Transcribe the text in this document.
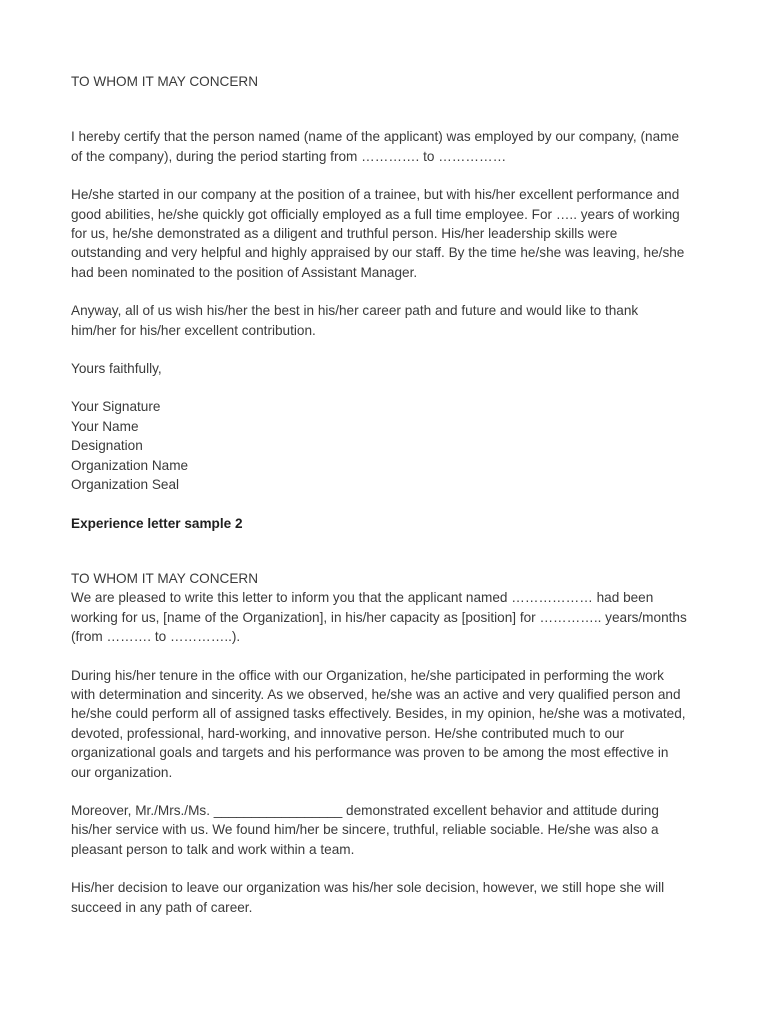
TO WHOM IT MAY CONCERN

I hereby certify that the person named (name of the applicant) was employed by our company, (name
of the company), during the period starting from …………. to ……………

He/she started in our company at the position of a trainee, but with his/her excellent performance and
good abilities, he/she quickly got officially employed as a full time employee. For ….. years of working
for us, he/she demonstrated as a diligent and truthful person. His/her leadership skills were
outstanding and very helpful and highly appraised by our staff. By the time he/she was leaving, he/she
had been nominated to the position of Assistant Manager.

Anyway, all of us wish his/her the best in his/her career path and future and would like to thank
him/her for his/her excellent contribution.

Yours faithfully,

Your Signature
Your Name
Designation
Organization Name
Organization Seal

Experience letter sample 2

TO WHOM IT MAY CONCERN
We are pleased to write this letter to inform you that the applicant named ……………… had been
working for us, [name of the Organization], in his/her capacity as [position] for ………….. years/months
(from ………. to …………..).

During his/her tenure in the office with our Organization, he/she participated in performing the work
with determination and sincerity. As we observed, he/she was an active and very qualified person and
he/she could perform all of assigned tasks effectively. Besides, in my opinion, he/she was a motivated,
devoted, professional, hard-working, and innovative person. He/she contributed much to our
organizational goals and targets and his performance was proven to be among the most effective in
our organization.

Moreover, Mr./Mrs./Ms. _________________ demonstrated excellent behavior and attitude during
his/her service with us. We found him/her be sincere, truthful, reliable sociable. He/she was also a
pleasant person to talk and work within a team.

His/her decision to leave our organization was his/her sole decision, however, we still hope she will
succeed in any path of career.
